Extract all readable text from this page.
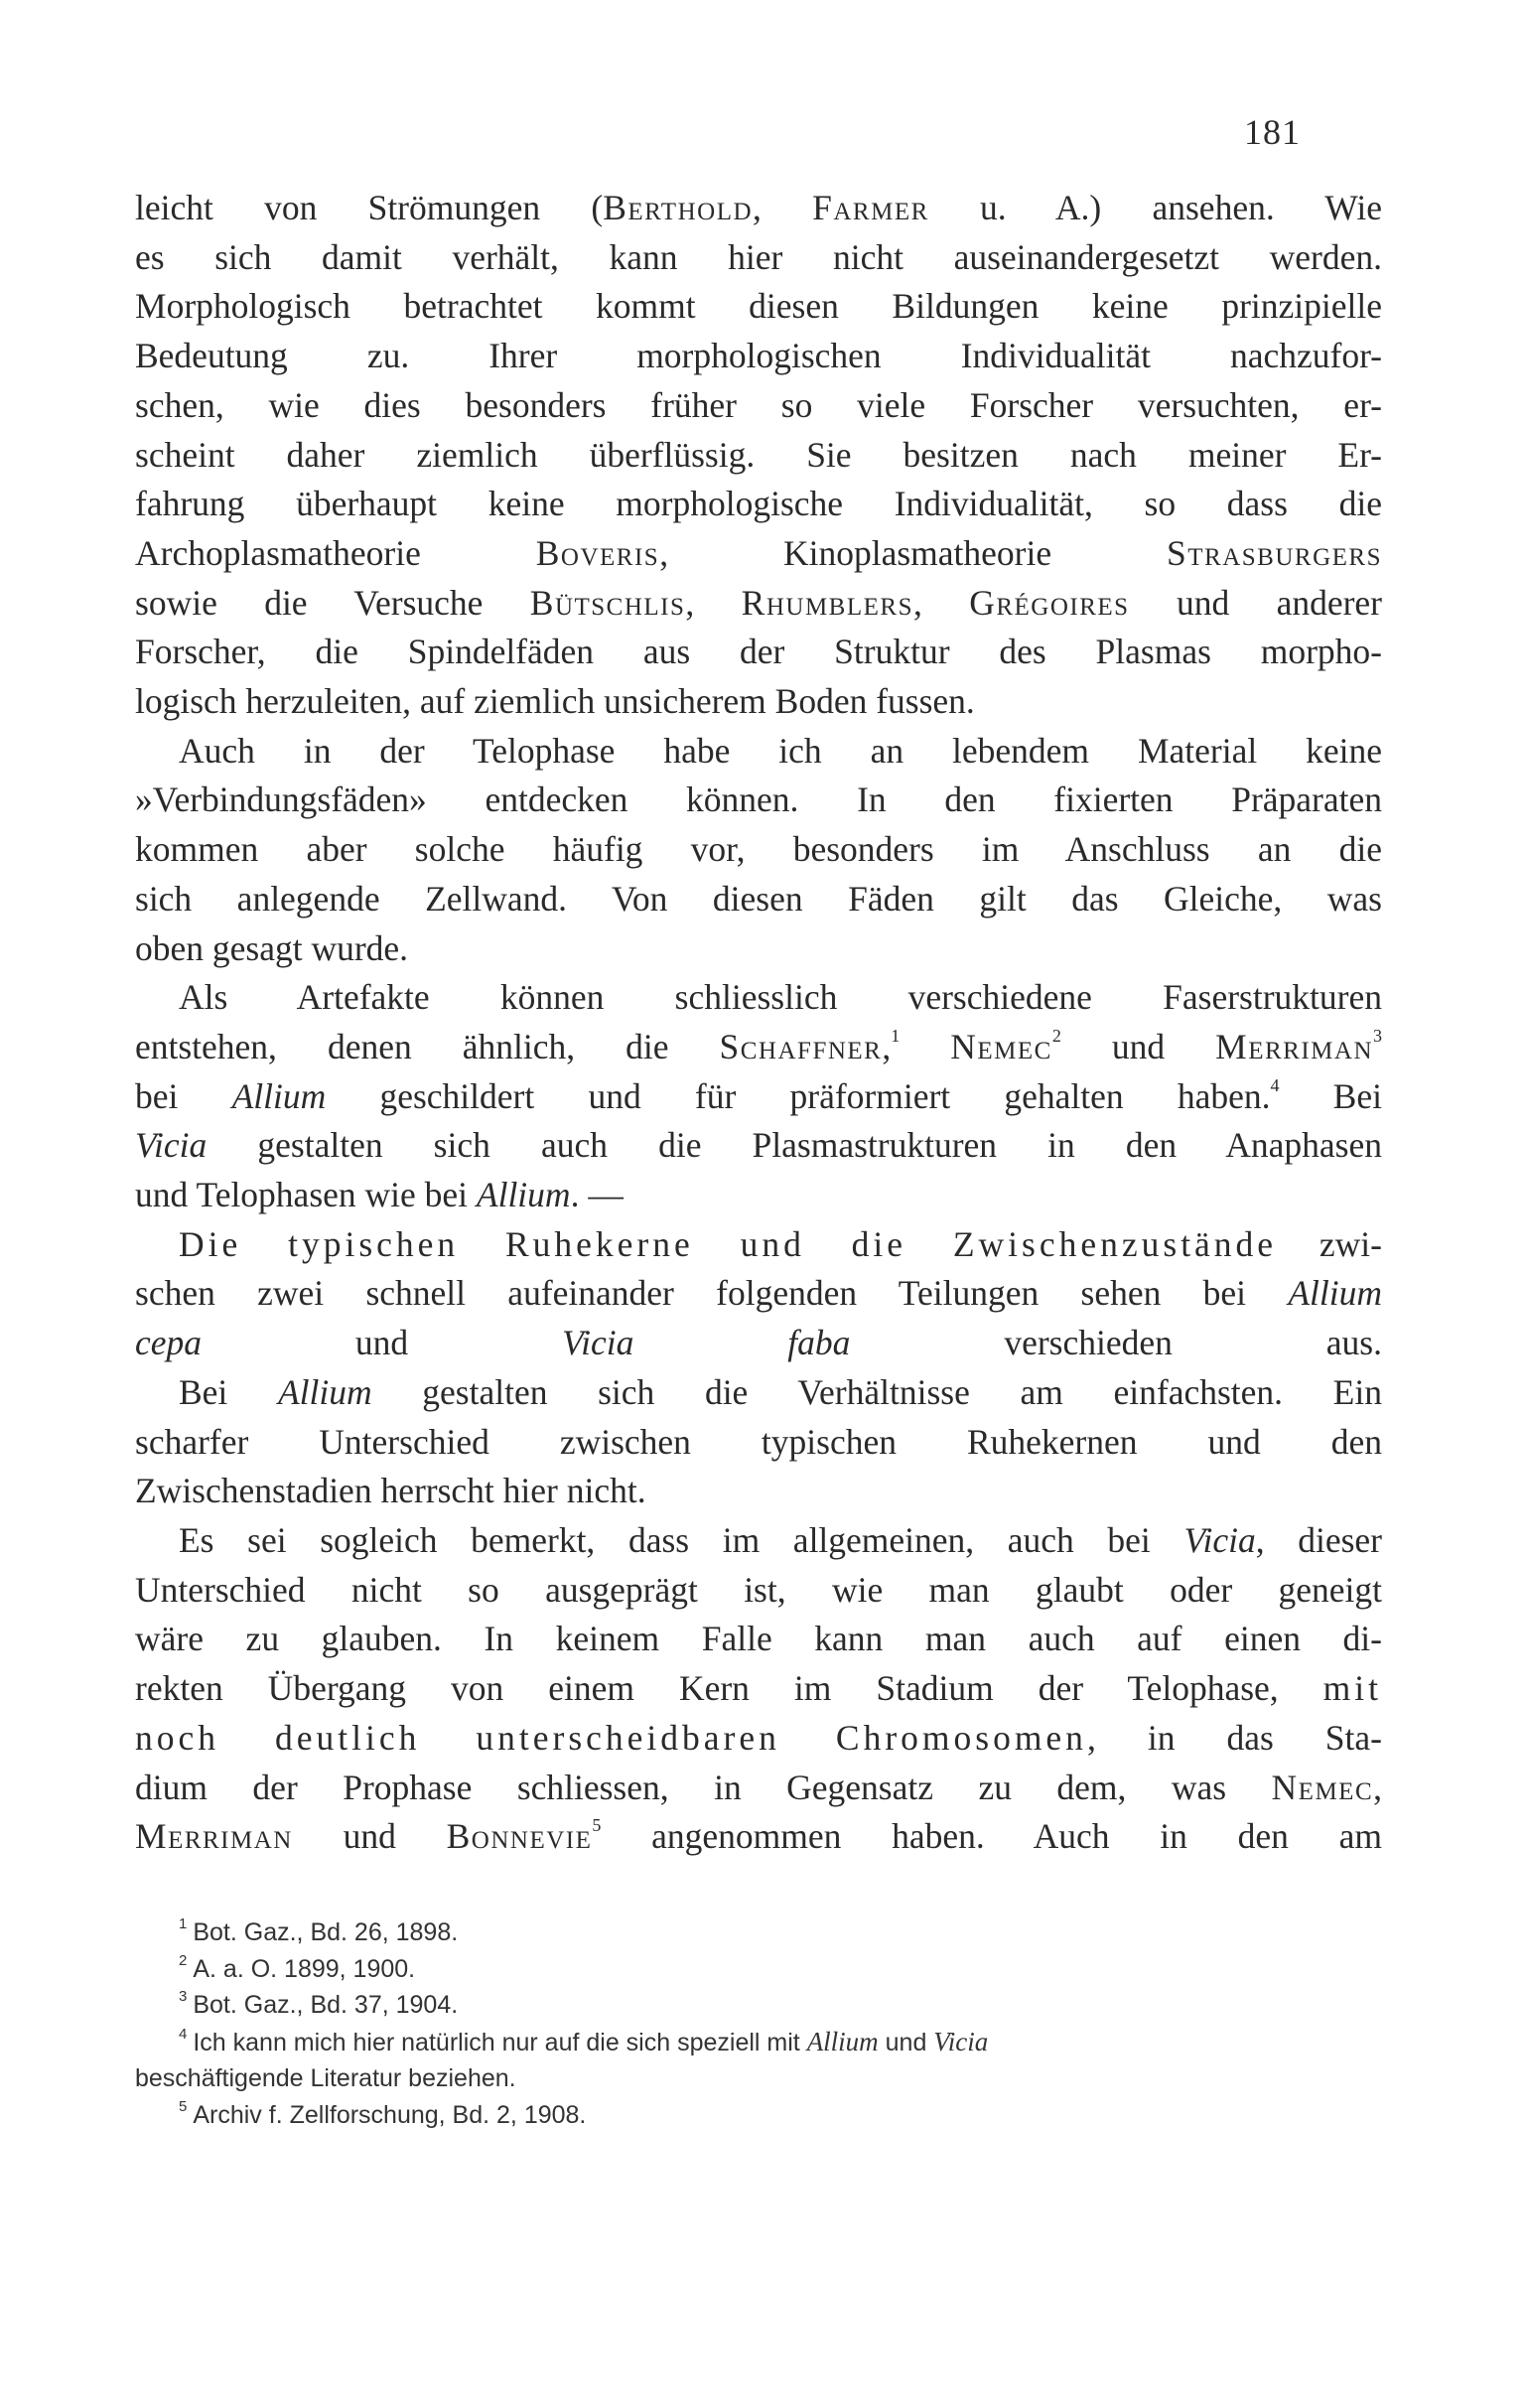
181
leicht von Strömungen (Berthold, Farmer u. A.) ansehen. Wie
es sich damit verhält, kann hier nicht auseinandergesetzt werden.
Morphologisch betrachtet kommt diesen Bildungen keine prinzipielle
Bedeutung zu. Ihrer morphologischen Individualität nachzufor-
schen, wie dies besonders früher so viele Forscher versuchten, er-
scheint daher ziemlich überflüssig. Sie besitzen nach meiner Er-
fahrung überhaupt keine morphologische Individualität, so dass die
Archoplasmatheorie Boveris, Kinoplasmatheorie Strasburgers
sowie die Versuche Bütschlis, Rhumblers, Grégoires und anderer
Forscher, die Spindelfäden aus der Struktur des Plasmas morpho-
logisch herzuleiten, auf ziemlich unsicherem Boden fussen.
Auch in der Telophase habe ich an lebendem Material keine
»Verbindungsfäden» entdecken können. In den fixierten Präparaten
kommen aber solche häufig vor, besonders im Anschluss an die
sich anlegende Zellwand. Von diesen Fäden gilt das Gleiche, was
oben gesagt wurde.
Als Artefakte können schliesslich verschiedene Faserstrukturen
entstehen, denen ähnlich, die Schaffner,$^1$ Nemec$^2$ und Merriman$^3$
bei Allium geschildert und für präformiert gehalten haben.$^4$ Bei
Vicia gestalten sich auch die Plasmastrukturen in den Anaphasen
und Telophasen wie bei Allium. —
Die typischen Ruhekerne und die Zwischenzustände zwi-
schen zwei schnell aufeinander folgenden Teilungen sehen bei Allium
cepa und Vicia faba verschieden aus.
Bei Allium gestalten sich die Verhältnisse am einfachsten. Ein
scharfer Unterschied zwischen typischen Ruhekernen und den
Zwischenstadien herrscht hier nicht.
Es sei sogleich bemerkt, dass im allgemeinen, auch bei Vicia, dieser
Unterschied nicht so ausgeprägt ist, wie man glaubt oder geneigt
wäre zu glauben. In keinem Falle kann man auch auf einen di-
rekten Übergang von einem Kern im Stadium der Telophase, mit
noch deutlich unterscheidbaren Chromosomen, in das Sta-
dium der Prophase schliessen, in Gegensatz zu dem, was Nemec,
Merriman und Bonnevie$^5$ angenommen haben. Auch in den am
$^1$ Bot. Gaz., Bd. 26, 1898.
$^2$ A. a. O. 1899, 1900.
$^3$ Bot. Gaz., Bd. 37, 1904.
$^4$ Ich kann mich hier natürlich nur auf die sich speziell mit Allium und Vicia
beschäftigende Literatur beziehen.
$^5$ Archiv f. Zellforschung, Bd. 2, 1908.
